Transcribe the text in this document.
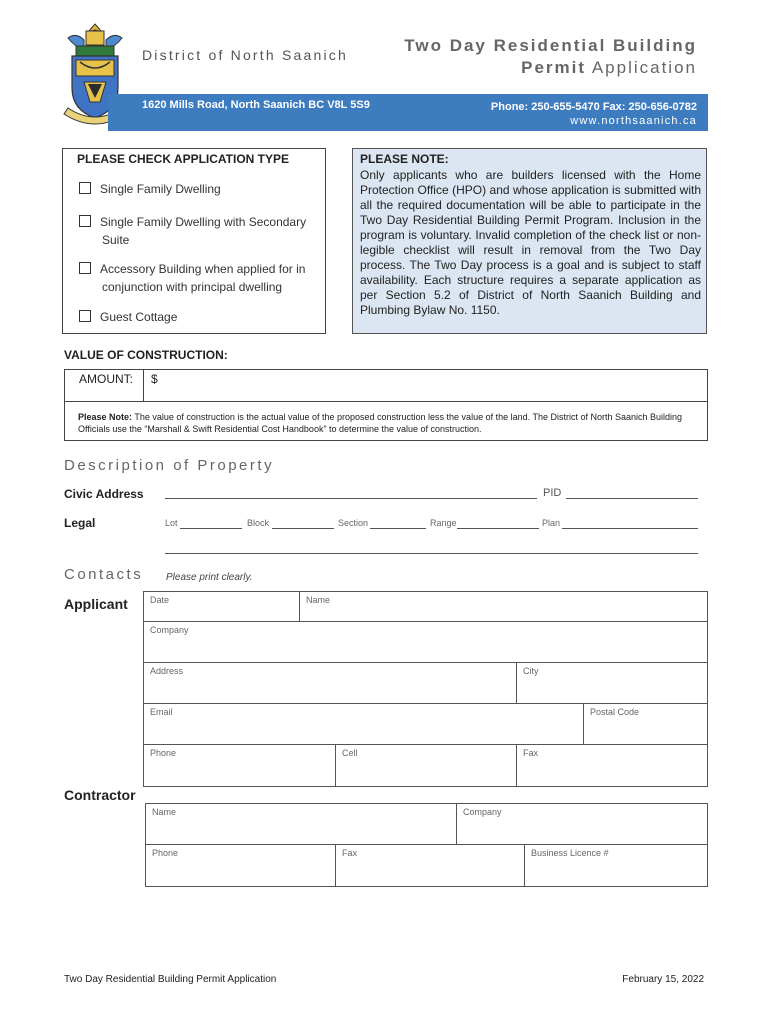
District of North Saanich	Two Day Residential Building
Permit Application
1620 Mills Road, North Saanich BC V8L 5S9	Phone: 250-655-5470 Fax: 250-656-0782
www.northsaanich.ca
PLEASE CHECK APPLICATION TYPE
Single Family Dwelling
Single Family Dwelling with Secondary
Suite
Accessory Building when applied for in
conjunction with principal dwelling
Guest Cottage
PLEASE NOTE:

Only applicants who are builders licensed with the Home Protection Office (HPO) and whose application is submitted with all the required documentation will be able to participate in the Two Day Residential Building Permit Program. Inclusion in the program is voluntary. Invalid completion of the check list or non-legible checklist will result in removal from the Two Day process. The Two Day process is a goal and is subject to staff availability. Each structure requires a separate application as per Section 5.2 of District of North Saanich Building and Plumbing Bylaw No. 1150.

VALUE OF CONSTRUCTION:
AMOUNT: $

Please Note: The value of construction is the actual value of the proposed construction less the value of the land. The District of North Saanich Building Officials use the “Marshall & Swift Residential Cost Handbook” to determine the value of construction.

Description of Property
Civic Address	PID
Legal	Lot	Block	Section	Range	Plan
Contacts Please print clearly.
Applicant Date	Name
Company
Address	City
Email	Postal Code
Phone	Cell	Fax
Contractor
Name	Company
Phone	Fax	Business Licence #
Two Day Residential Building Permit Application	February 15, 2022
